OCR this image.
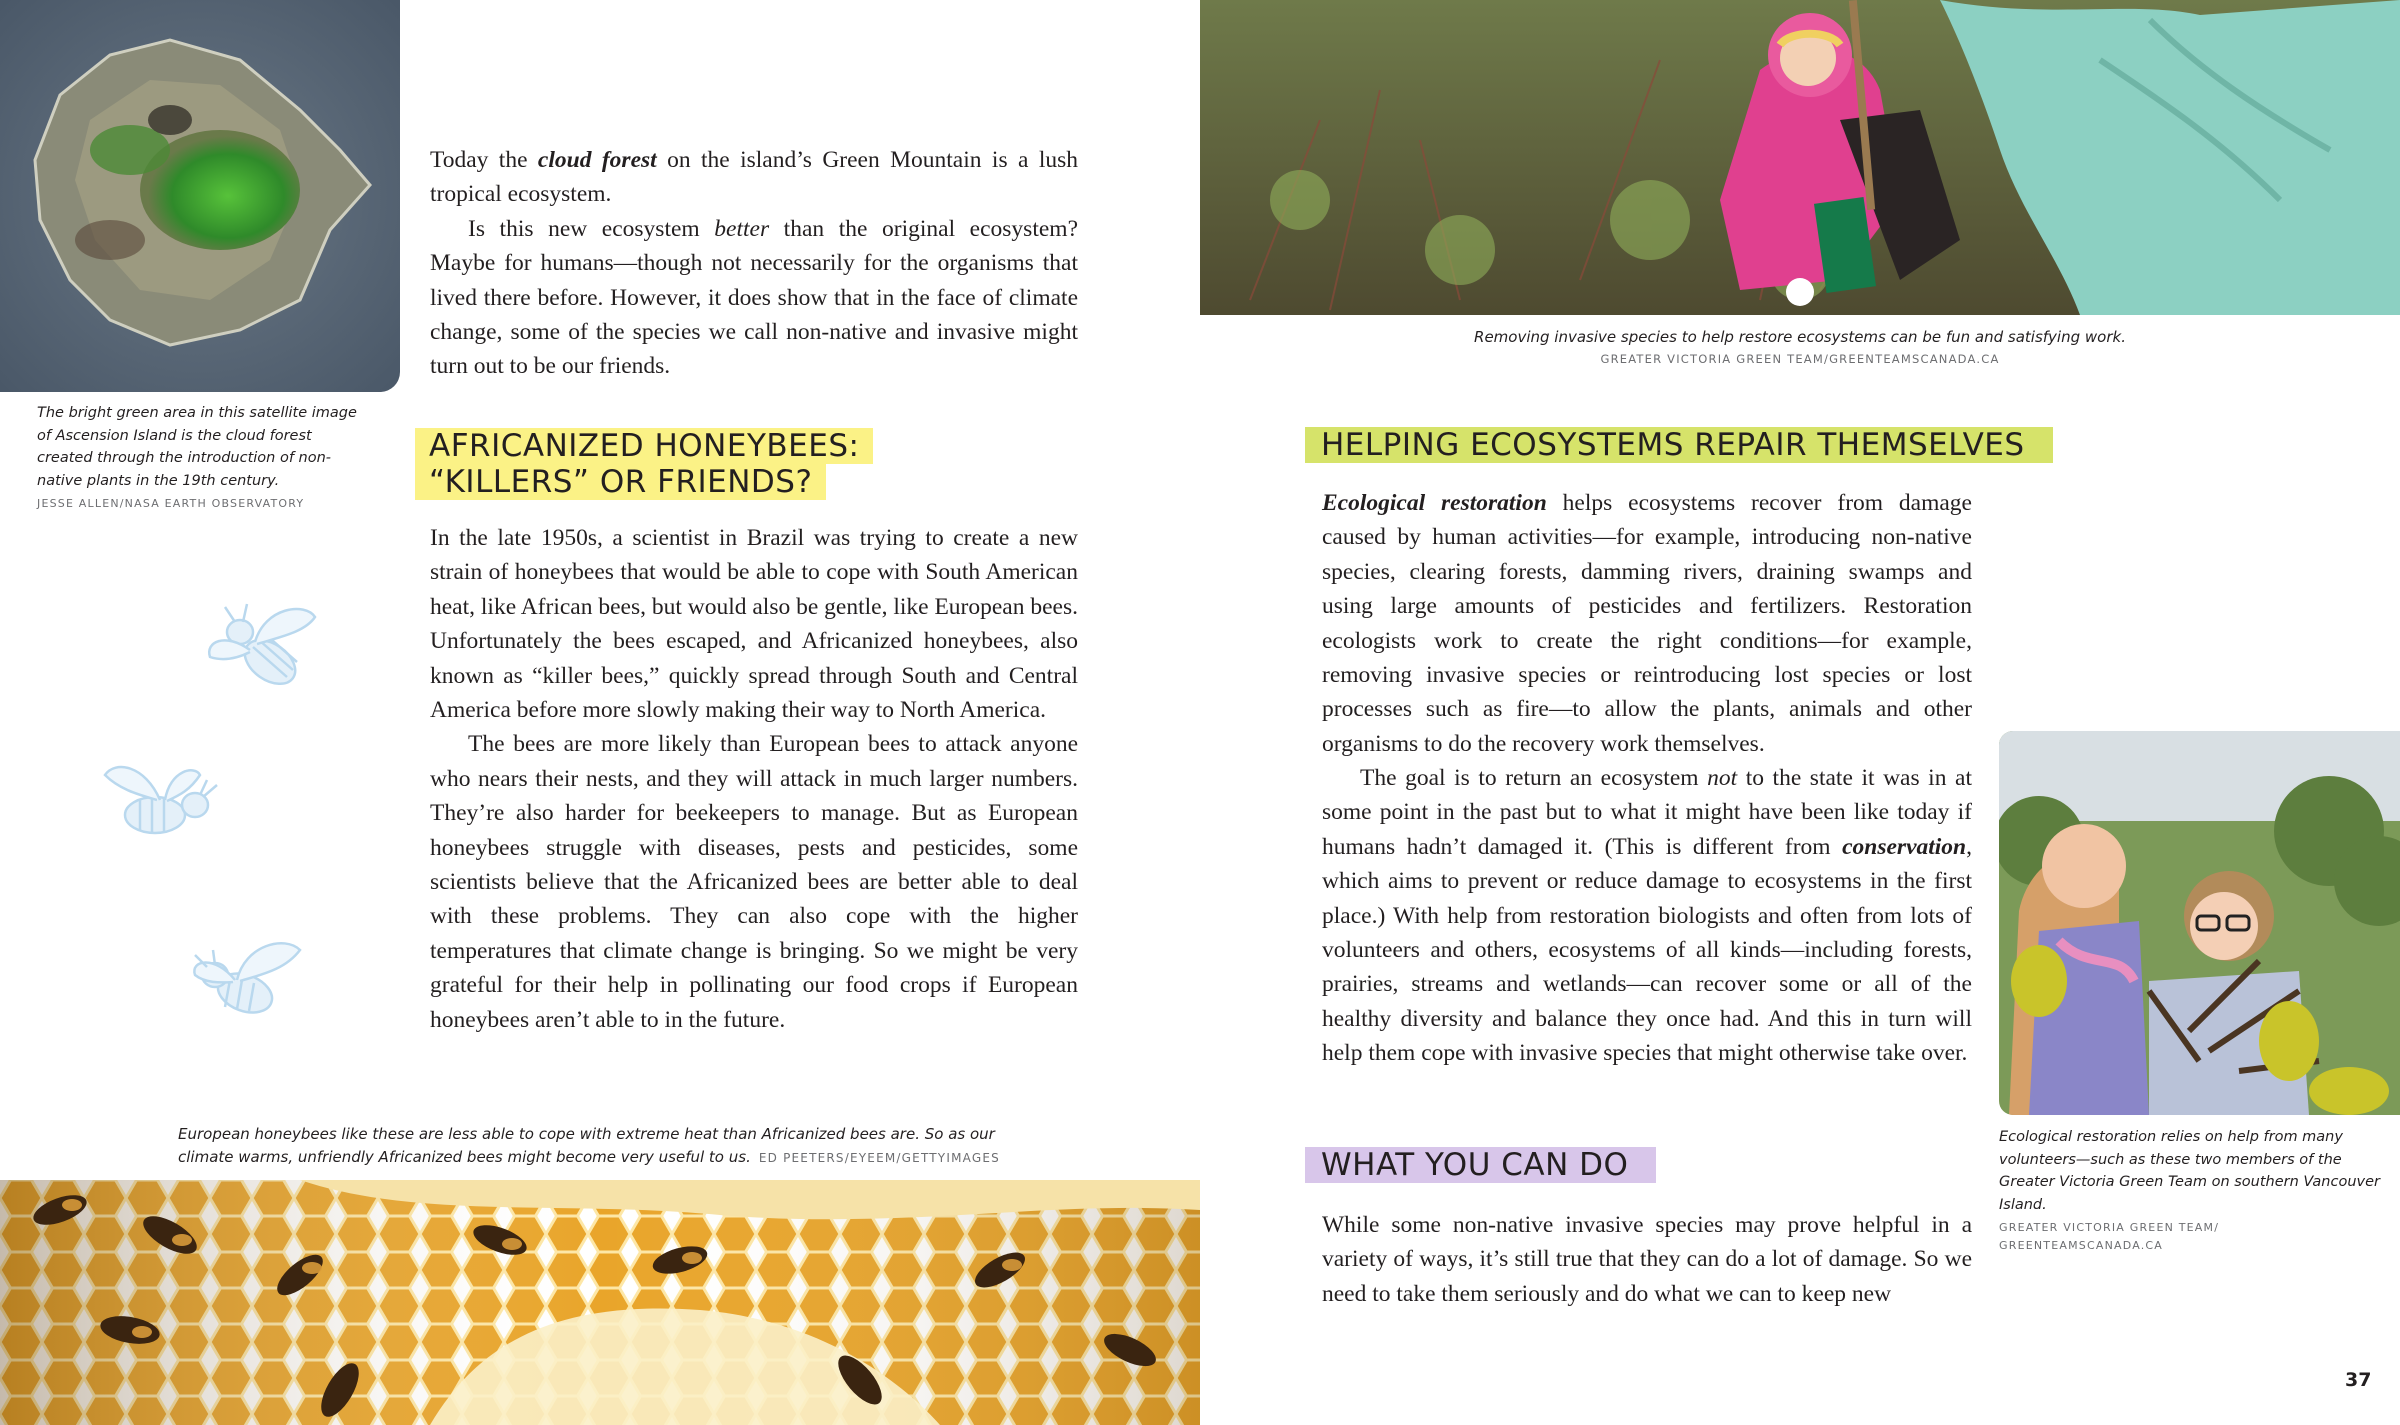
The bright green area in this satellite image of Ascension Island is the cloud forest created through the introduction of non-native plants in the 19th century.
JESSE ALLEN/NASA EARTH OBSERVATORY

Today the cloud forest on the island’s Green Mountain is a lush tropical ecosystem.

Is this new ecosystem better than the original ecosystem? Maybe for humans—though not necessarily for the organisms that lived there before. However, it does show that in the face of climate change, some of the species we call non-native and invasive might turn out to be our friends.

AFRICANIZED HONEYBEES:
“KILLERS” OR FRIENDS?

In the late 1950s, a scientist in Brazil was trying to create a new strain of honeybees that would be able to cope with South American heat, like African bees, but would also be gentle, like European bees. Unfortunately the bees escaped, and Africanized honeybees, also known as “killer bees,” quickly spread through South and Central America before more slowly making their way to North America.

The bees are more likely than European bees to attack anyone who nears their nests, and they will attack in much larger numbers. They’re also harder for beekeepers to manage. But as European honeybees struggle with diseases, pests and pesticides, some scientists believe that the Africanized bees are better able to deal with these problems. They can also cope with the higher temperatures that climate change is bringing. So we might be very grateful for their help in pollinating our food crops if European honeybees aren’t able to in the future.

European honeybees like these are less able to cope with extreme heat than Africanized bees are. So as our climate warms, unfriendly Africanized bees might become very useful to us. ED PEETERS/EYEEM/GETTYIMAGES
Removing invasive species to help restore ecosystems can be fun and satisfying work.
GREATER VICTORIA GREEN TEAM/GREENTEAMSCANADA.CA
HELPING ECOSYSTEMS REPAIR THEMSELVES

Ecological restoration helps ecosystems recover from damage caused by human activities—for example, introducing non-native species, clearing forests, damming rivers, draining swamps and using large amounts of pesticides and fertilizers. Restoration ecologists work to create the right conditions—for example, removing invasive species or reintroducing lost species or lost processes such as fire—to allow the plants, animals and other organisms to do the recovery work themselves.

The goal is to return an ecosystem not to the state it was in at some point in the past but to what it might have been like today if humans hadn’t damaged it. (This is different from conservation, which aims to prevent or reduce damage to ecosystems in the first place.) With help from restoration biologists and often from lots of volunteers and others, ecosystems of all kinds—including forests, prairies, streams and wetlands—can recover some or all of the healthy diversity and balance they once had. And this in turn will help them cope with invasive species that might otherwise take over.

Ecological restoration relies on help from many volunteers—such as these two members of the Greater Victoria Green Team on southern Vancouver Island.
GREATER VICTORIA GREEN TEAM/
GREENTEAMSCANADA.CA
WHAT YOU CAN DO

While some non-native invasive species may prove helpful in a variety of ways, it’s still true that they can do a lot of damage. So we need to take them seriously and do what we can to keep new

37
